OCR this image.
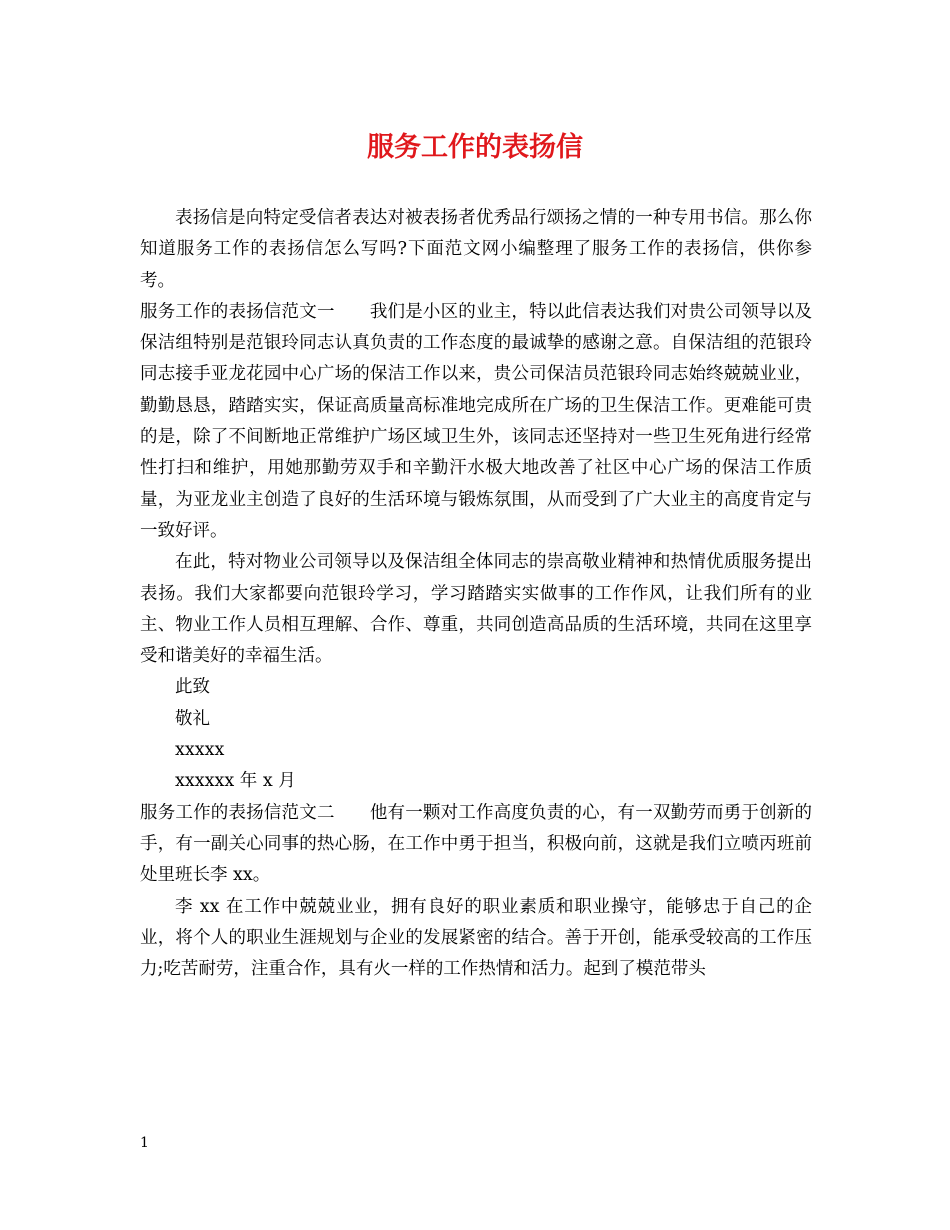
服务工作的表扬信

表扬信是向特定受信者表达对被表扬者优秀品行颂扬之情的一种专用书信。那么你知道服务工作的表扬信怎么写吗?下面范文网小编整理了服务工作的表扬信，供你参考。

服务工作的表扬信范文一 我们是小区的业主，特以此信表达我们对贵公司领导以及保洁组特别是范银玲同志认真负责的工作态度的最诚挚的感谢之意。自保洁组的范银玲同志接手亚龙花园中心广场的保洁工作以来，贵公司保洁员范银玲同志始终兢兢业业，勤勤恳恳，踏踏实实，保证高质量高标准地完成所在广场的卫生保洁工作。更难能可贵的是，除了不间断地正常维护广场区域卫生外，该同志还坚持对一些卫生死角进行经常性打扫和维护，用她那勤劳双手和辛勤汗水极大地改善了社区中心广场的保洁工作质量，为亚龙业主创造了良好的生活环境与锻炼氛围，从而受到了广大业主的高度肯定与一致好评。

在此，特对物业公司领导以及保洁组全体同志的崇高敬业精神和热情优质服务提出表扬。我们大家都要向范银玲学习，学习踏踏实实做事的工作作风，让我们所有的业主、物业工作人员相互理解、合作、尊重，共同创造高品质的生活环境，共同在这里享受和谐美好的幸福生活。

此致

敬礼

xxxxx

xxxxxx 年 x 月

服务工作的表扬信范文二 他有一颗对工作高度负责的心，有一双勤劳而勇于创新的手，有一副关心同事的热心肠，在工作中勇于担当，积极向前，这就是我们立喷丙班前处里班长李 xx。

李 xx 在工作中兢兢业业，拥有良好的职业素质和职业操守，能够忠于自己的企业，将个人的职业生涯规划与企业的发展紧密的结合。善于开创，能承受较高的工作压力;吃苦耐劳，注重合作，具有火一样的工作热情和活力。起到了模范带头

1
